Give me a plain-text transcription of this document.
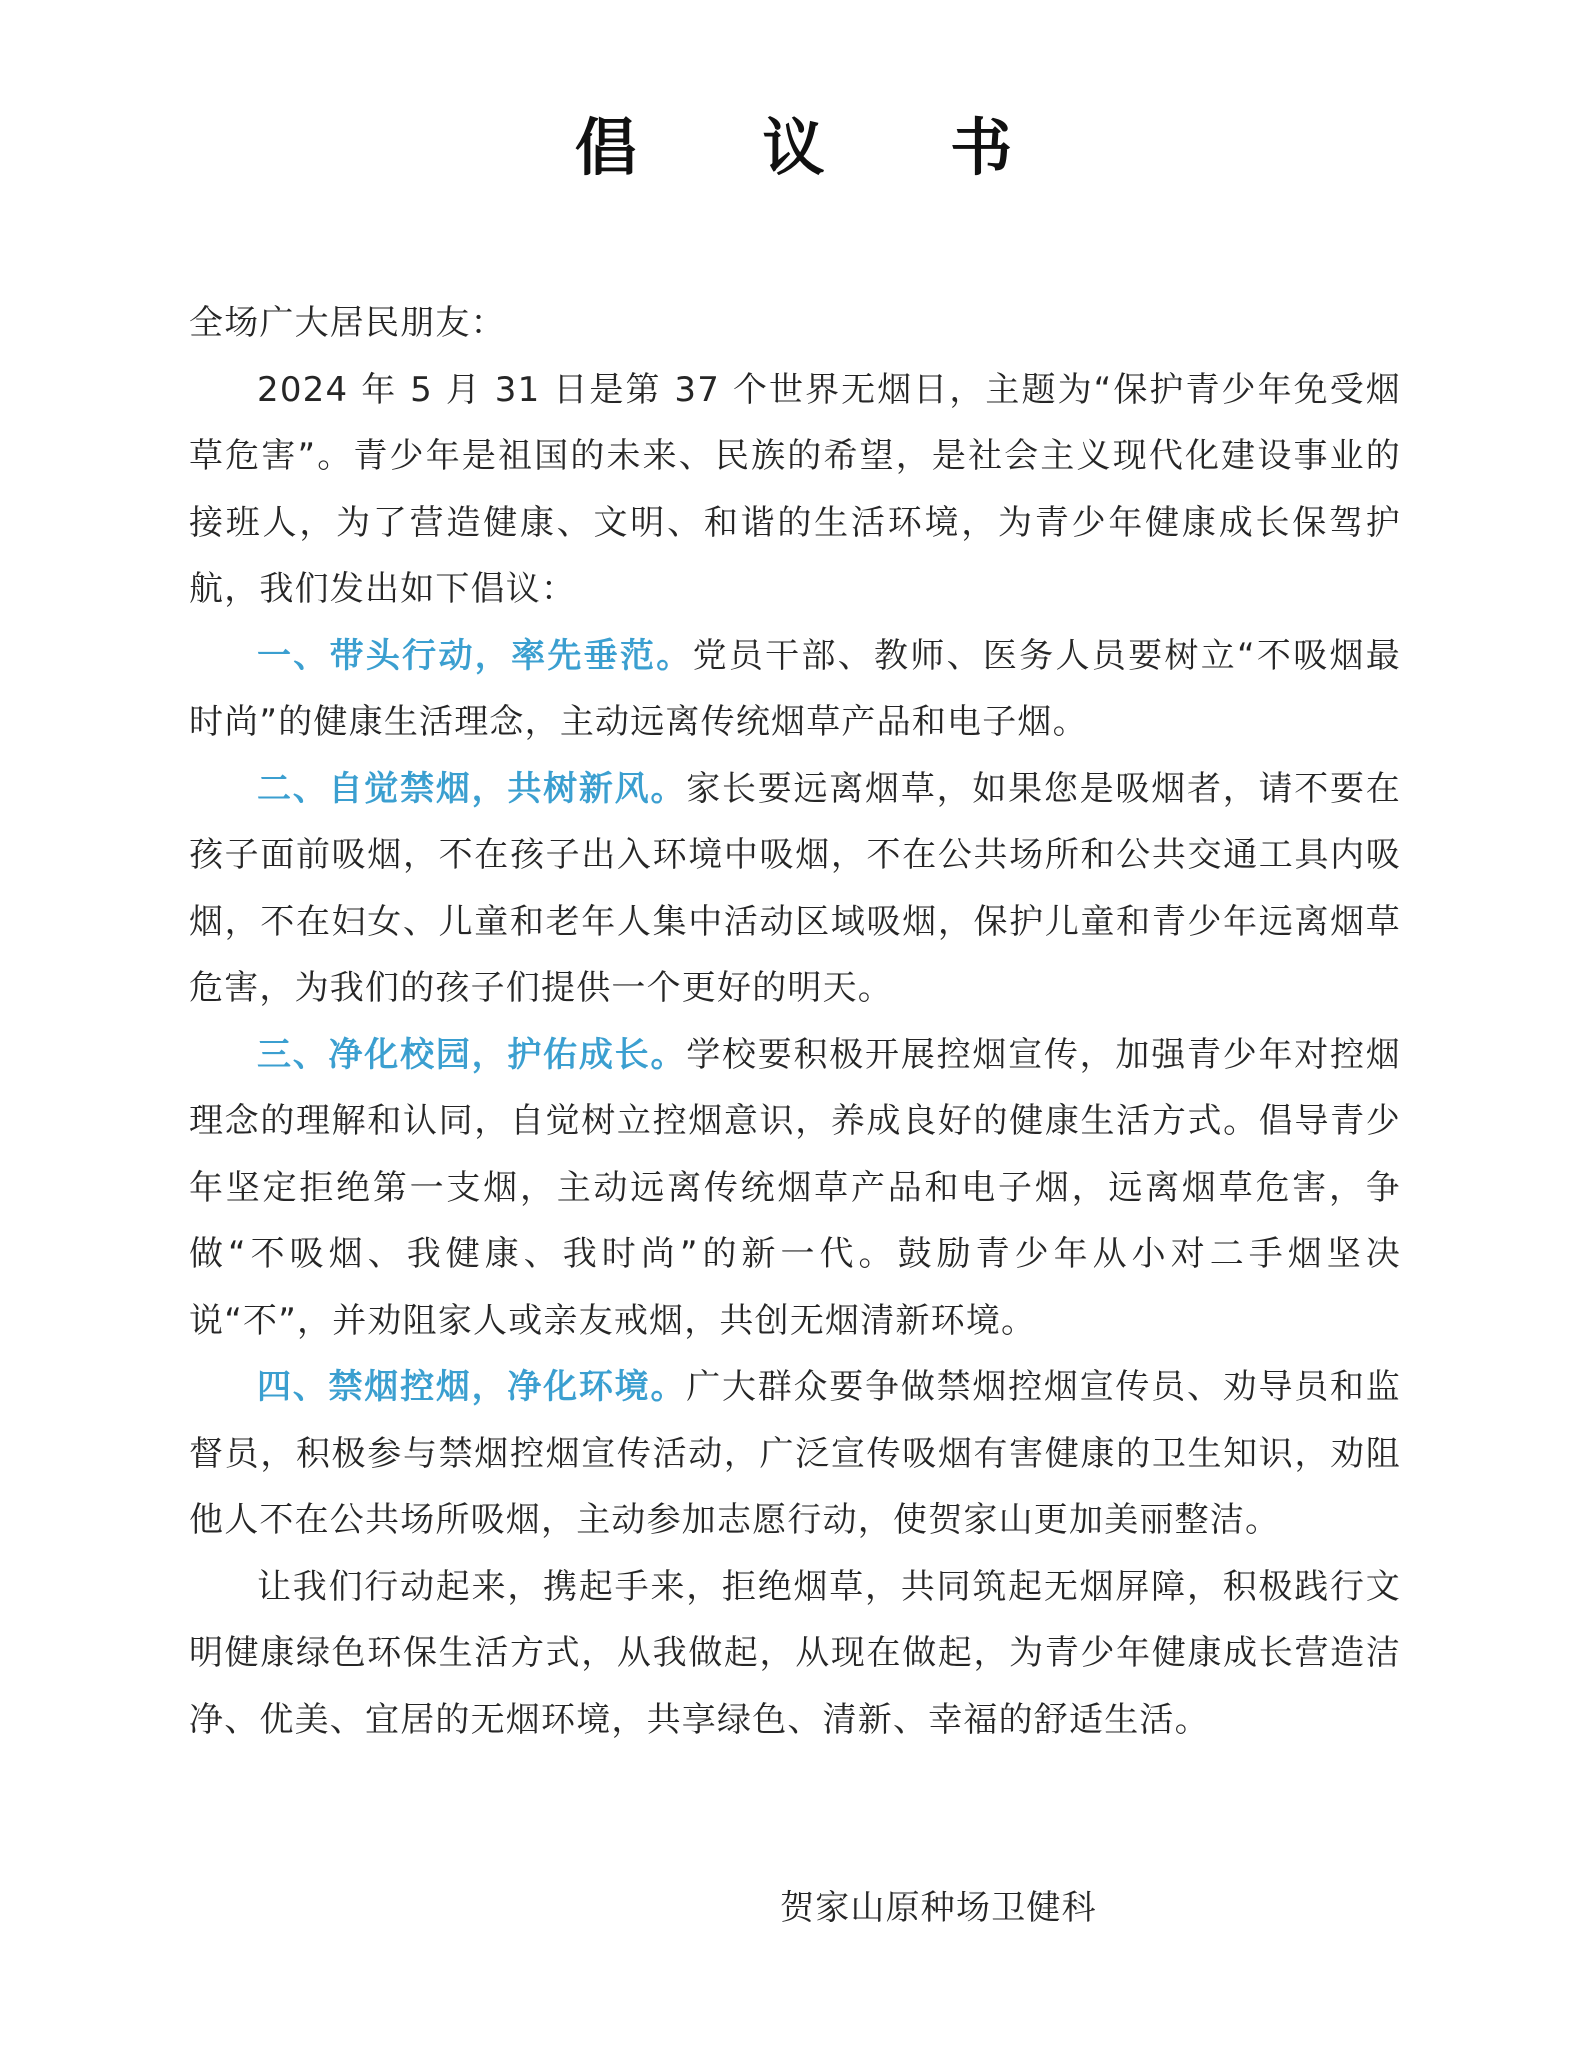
倡 议 书

全场广大居民朋友：

2024 年 5 月 31 日是第 37 个世界无烟日，主题为“保护青少年免受烟草危害”。青少年是祖国的未来、民族的希望，是社会主义现代化建设事业的接班人，为了营造健康、文明、和谐的生活环境，为青少年健康成长保驾护航，我们发出如下倡议：

一、带头行动，率先垂范。党员干部、教师、医务人员要树立“不吸烟最时尚”的健康生活理念，主动远离传统烟草产品和电子烟。

二、自觉禁烟，共树新风。家长要远离烟草，如果您是吸烟者，请不要在孩子面前吸烟，不在孩子出入环境中吸烟，不在公共场所和公共交通工具内吸烟，不在妇女、儿童和老年人集中活动区域吸烟，保护儿童和青少年远离烟草危害，为我们的孩子们提供一个更好的明天。

三、净化校园，护佑成长。学校要积极开展控烟宣传，加强青少年对控烟理念的理解和认同，自觉树立控烟意识，养成良好的健康生活方式。倡导青少年坚定拒绝第一支烟，主动远离传统烟草产品和电子烟，远离烟草危害，争做“不吸烟、我健康、我时尚”的新一代。鼓励青少年从小对二手烟坚决说“不”，并劝阻家人或亲友戒烟，共创无烟清新环境。

四、禁烟控烟，净化环境。广大群众要争做禁烟控烟宣传员、劝导员和监督员，积极参与禁烟控烟宣传活动，广泛宣传吸烟有害健康的卫生知识，劝阻他人不在公共场所吸烟，主动参加志愿行动，使贺家山更加美丽整洁。

让我们行动起来，携起手来，拒绝烟草，共同筑起无烟屏障，积极践行文明健康绿色环保生活方式，从我做起，从现在做起，为青少年健康成长营造洁净、优美、宜居的无烟环境，共享绿色、清新、幸福的舒适生活。

贺家山原种场卫健科
